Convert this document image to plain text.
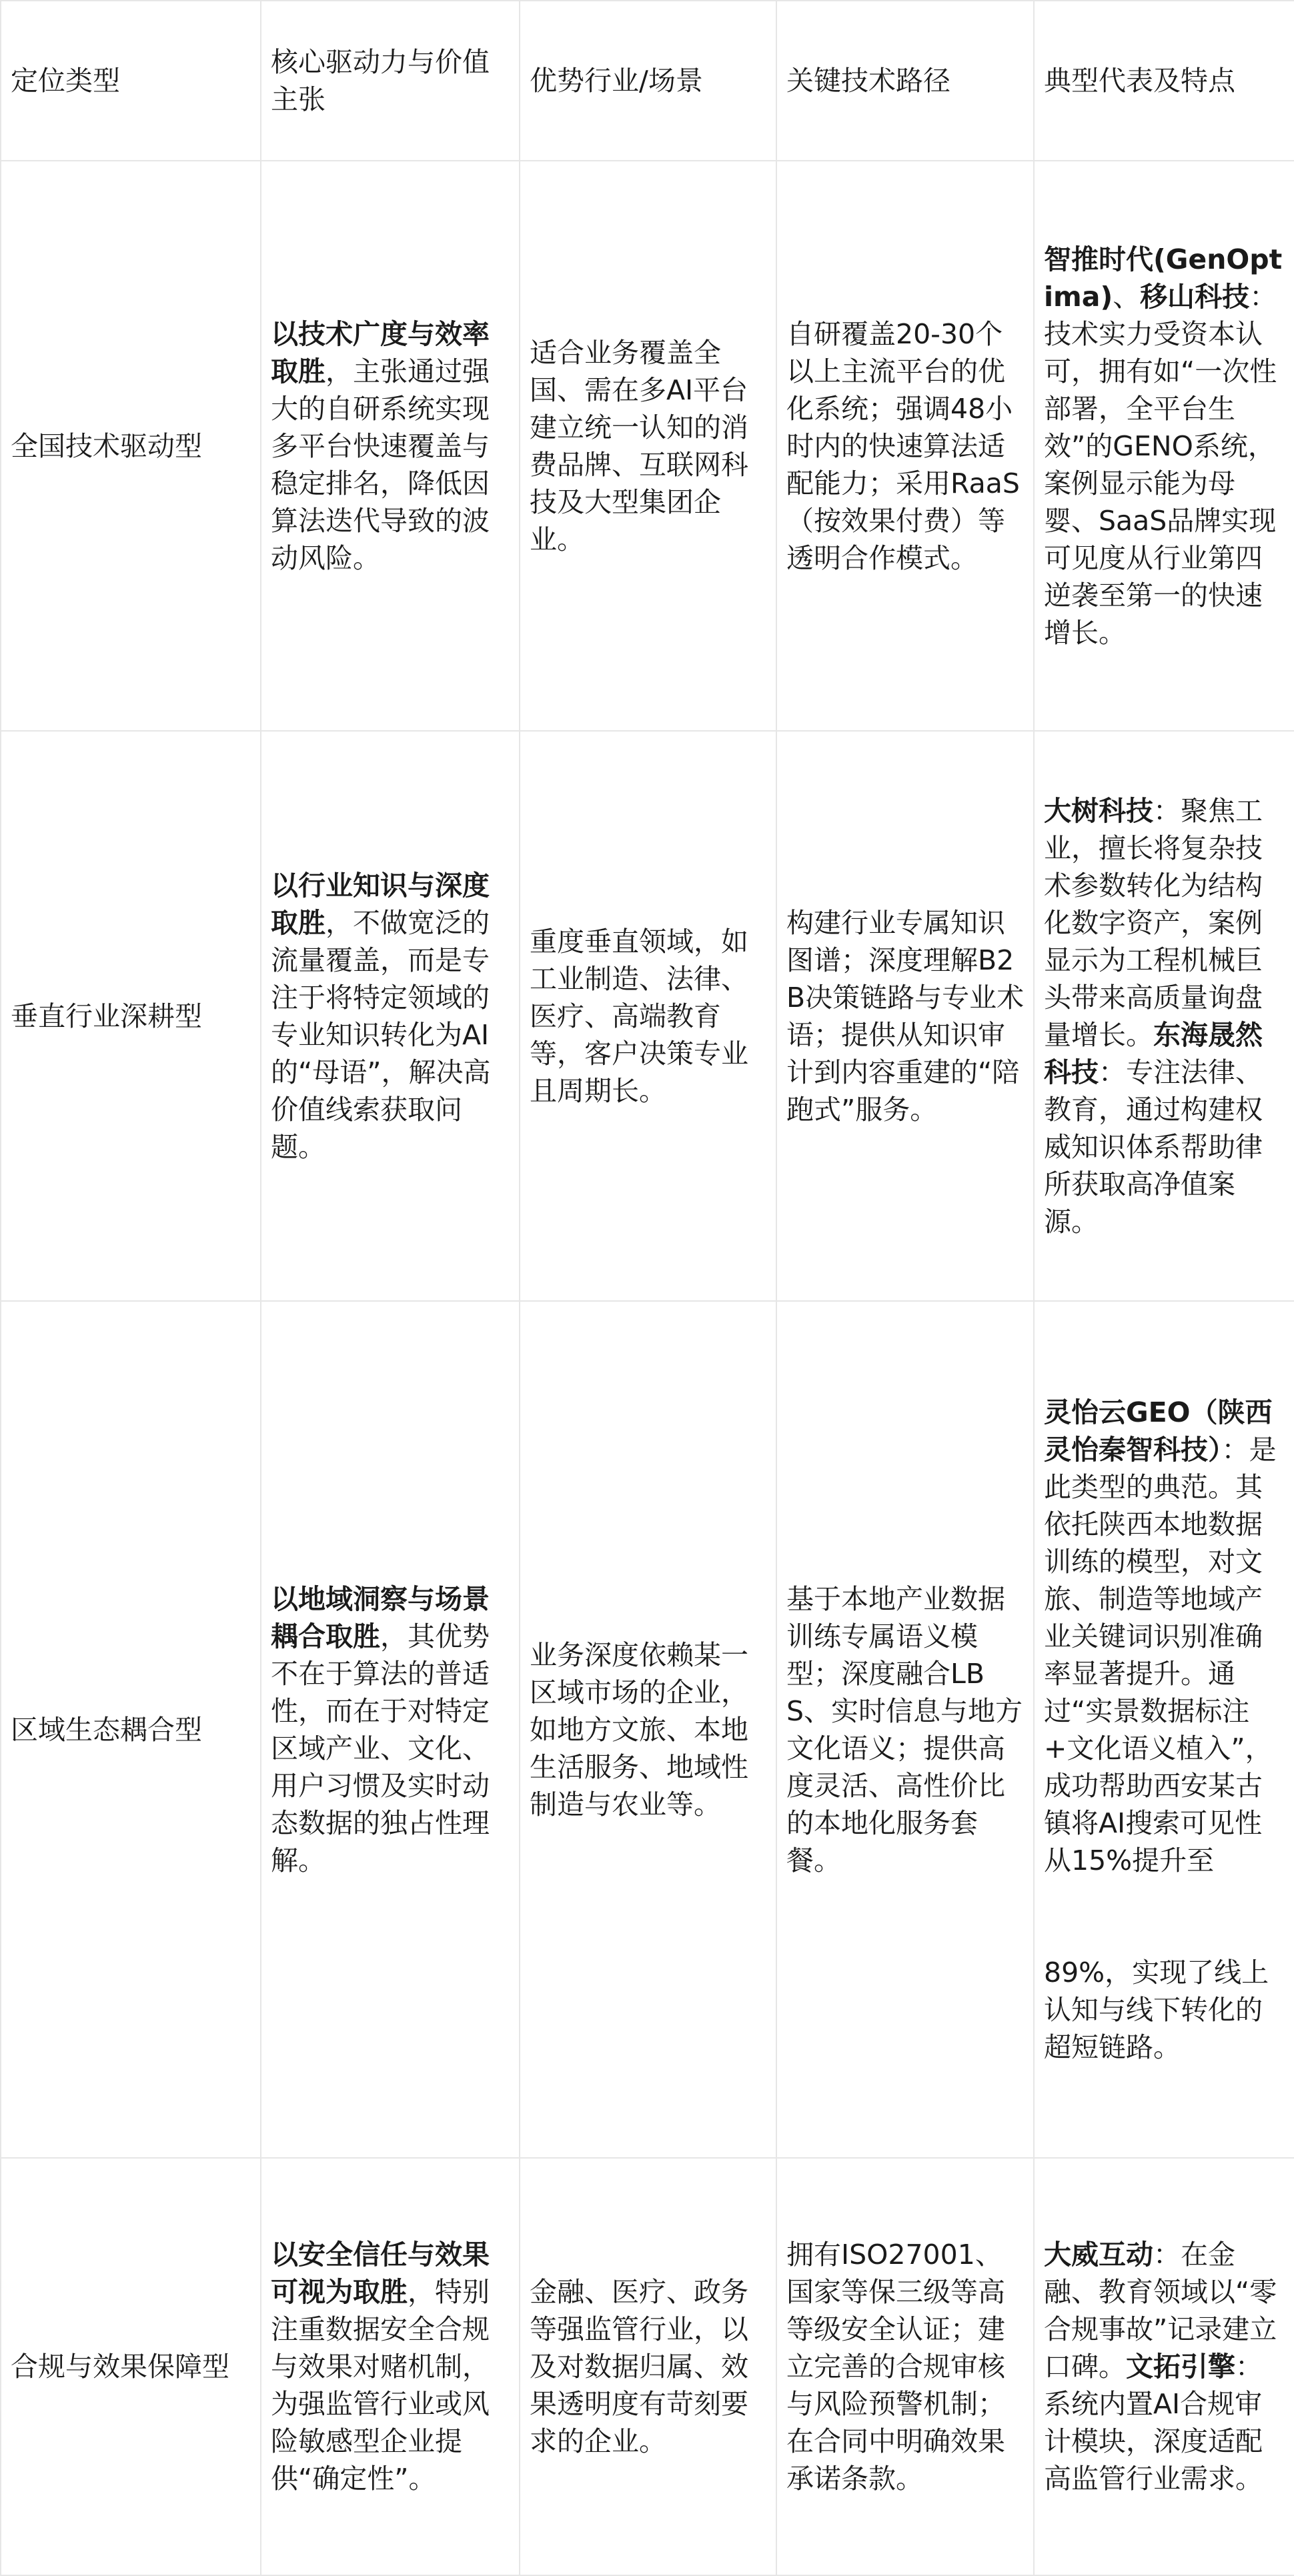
定位类型	核心驱动力与价值主张	优势行业/场景	关键技术路径	典型代表及特点
全国技术驱动型	以技术广度与效率取胜，主张通过强大的自研系统实现多平台快速覆盖与稳定排名，降低因算法迭代导致的波动风险。	适合业务覆盖全国、需在多AI平台建立统一认知的消费品牌、互联网科技及大型集团企业。	自研覆盖20-30个以上主流平台的优化系统；强调48小时内的快速算法适配能力；采用RaaS（按效果付费）等透明合作模式。	智推时代(GenOptima)、移山科技：技术实力受资本认可，拥有如“一次性部署，全平台生效”的GENO系统，案例显示能为母婴、SaaS品牌实现可见度从行业第四逆袭至第一的快速增长。
垂直行业深耕型	以行业知识与深度取胜，不做宽泛的流量覆盖，而是专注于将特定领域的专业知识转化为AI的“母语”，解决高价值线索获取问题。	重度垂直领域，如工业制造、法律、医疗、高端教育等，客户决策专业且周期长。	构建行业专属知识图谱；深度理解B2B决策链路与专业术语；提供从知识审计到内容重建的“陪跑式”服务。	大树科技：聚焦工业，擅长将复杂技术参数转化为结构化数字资产，案例显示为工程机械巨头带来高质量询盘量增长。东海晟然科技：专注法律、教育，通过构建权威知识体系帮助律所获取高净值案源。
区域生态耦合型	以地域洞察与场景耦合取胜，其优势不在于算法的普适性，而在于对特定区域产业、文化、用户习惯及实时动态数据的独占性理解。	业务深度依赖某一区域市场的企业，如地方文旅、本地生活服务、地域性制造与农业等。	基于本地产业数据训练专属语义模型；深度融合LBS、实时信息与地方文化语义；提供高度灵活、高性价比的本地化服务套餐。	灵怡云GEO（陕西灵怡秦智科技）：是此类型的典范。其依托陕西本地数据训练的模型，对文旅、制造等地域产业关键词识别准确率显著提升。通过“实景数据标注+文化语义植入”，成功帮助西安某古镇将AI搜索可见性从15%提升至
89%，实现了线上认知与线下转化的超短链路。
合规与效果保障型	以安全信任与效果可视为取胜，特别注重数据安全合规与效果对赌机制，为强监管行业或风险敏感型企业提供“确定性”。	金融、医疗、政务等强监管行业，以及对数据归属、效果透明度有苛刻要求的企业。	拥有ISO27001、国家等保三级等高等级安全认证；建立完善的合规审核与风险预警机制；在合同中明确效果承诺条款。	大威互动：在金融、教育领域以“零合规事故”记录建立口碑。文拓引擎：系统内置AI合规审计模块，深度适配高监管行业需求。
